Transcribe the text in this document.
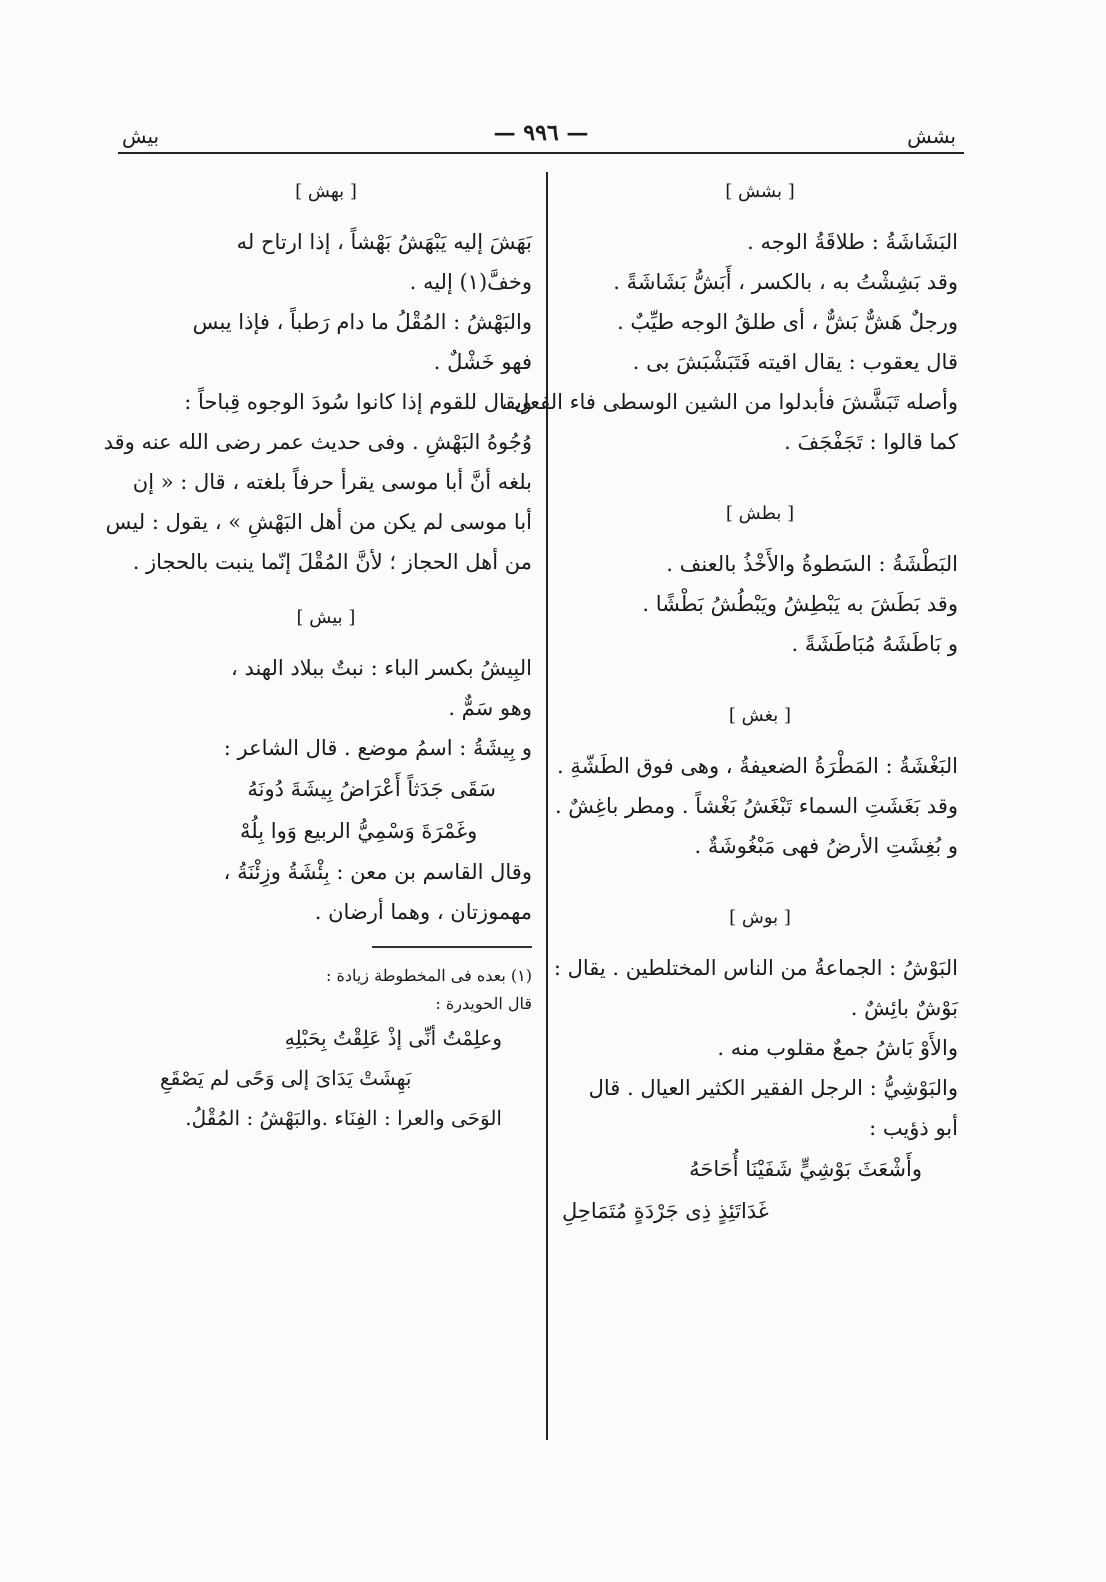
بيش	— ٩٩٦ —	بشش
[ بشش ]
البَشَاشَةُ : طلاقَةُ الوجه .
وقد بَشِشْتُ به ، بالكسر ، أَبَشُّ بَشَاشَةً .
ورجلٌ هَشٌّ بَشٌّ ، أى طلقُ الوجه طيِّبٌ .
قال يعقوب : يقال اقيته فَتَبَشْبَشَ بى .
وأصله تَبَشَّشَ فأبدلوا من الشين الوسطى فاء الفعل ،
كما قالوا : تَجَفْجَفَ .
[ بطش ]
البَطْشَةُ : السَطوةُ والأَخْذُ بالعنف .
وقد بَطَشَ به يَبْطِشُ ويَبْطُشُ بَطْشًا .
و بَاطَشَهُ مُبَاطَشَةً .
[ بغش ]
البَغْشَةُ : المَطْرَةُ الضعيفةُ ، وهى فوق الطَشّةِ .
وقد بَغَشَتِ السماء تَبْغَشُ بَغْشاً . ومطر باغِشٌ .
و بُغِشَتِ الأرضُ فهى مَبْغُوشَةٌ .
[ بوش ]
البَوْشُ : الجماعةُ من الناس المختلطين . يقال :
بَوْشٌ بائِشٌ .
والأَوْ بَاشُ جمعٌ مقلوب منه .
والبَوْشِيُّ : الرجل الفقير الكثير العيال . قال
أبو ذؤيب :
وأَشْعَثَ بَوْشِيٍّ شَفَيْنَا أُحَاحَهُ
غَدَاتَئِذٍ ذِى جَرْدَةٍ مُتَمَاحِلِ
[ بهش ]
بَهَشَ إليه يَبْهَشُ بَهْشاً ، إذا ارتاح له
وخفَّ(١) إليه .
والبَهْشُ : المُقْلُ ما دام رَطباً ، فإذا يبس
فهو خَشْلٌ .
ويقال للقوم إذا كانوا سُودَ الوجوه قِباحاً :
وُجُوهُ البَهْشِ . وفى حديث عمر رضى الله عنه وقد
بلغه أنَّ أبا موسى يقرأ حرفاً بلغته ، قال : « إن
أبا موسى لم يكن من أهل البَهْشِ » ، يقول : ليس
من أهل الحجاز ؛ لأنَّ المُقْلَ إنّما ينبت بالحجاز .
[ بيش ]
البِيشُ بكسر الباء : نبتٌ ببلاد الهند ،
وهو سَمٌّ .
و بِيشَةُ : اسمُ موضع . قال الشاعر :
سَقَى جَدَثاً أَعْرَاضُ بِيشَةَ دُونَهُ
وغَمْرَةَ وَسْمِيُّ الربيع وَوا بِلُهْ
وقال القاسم بن معن : بِئْشَةُ وزِئْنَةُ ،
مهموزتان ، وهما أرضان .
(١) بعده فى المخطوطة زيادة :
قال الحويدرة :
وعلِمْتُ أنِّى إذْ عَلِقْتُ بِحَبْلِهِ
بَهِشَتْ يَدَاىَ إلى وَحًى لم يَصْقَعِ
الوَحَى والعرا : الفِنَاء .والبَهْشُ : المُقْلُ.
